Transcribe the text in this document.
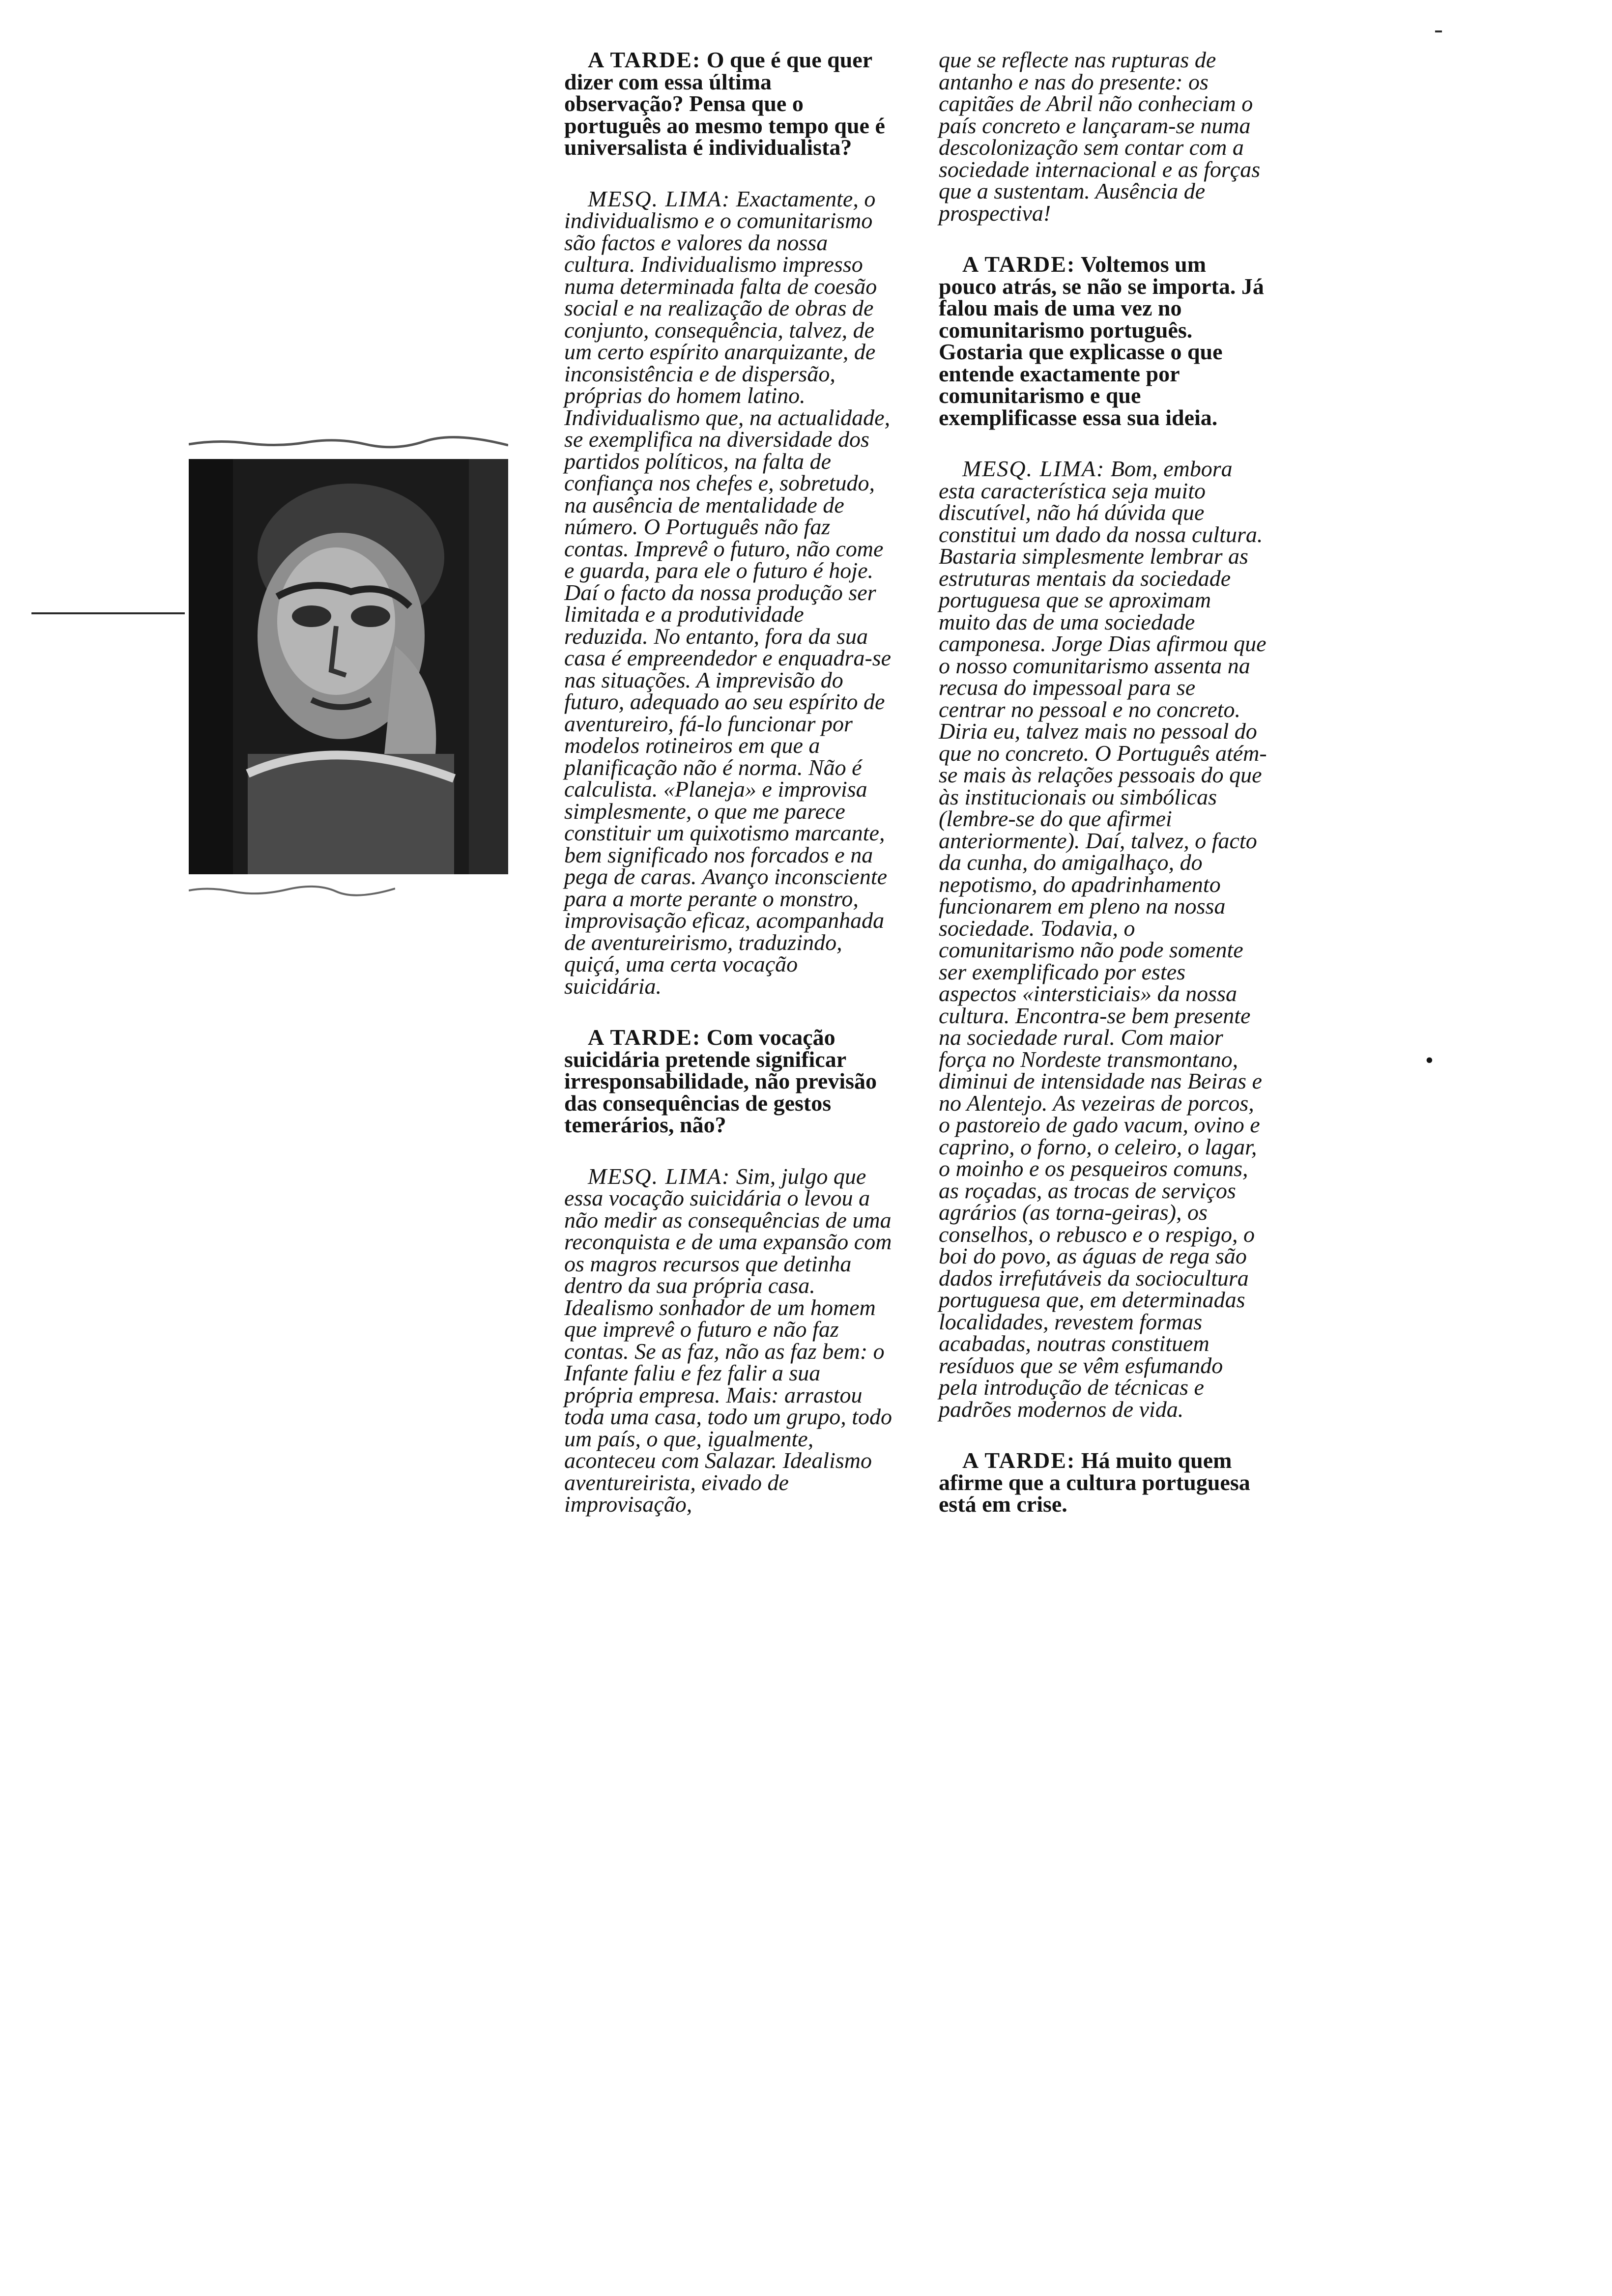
•

A TARDE: O que é que quer dizer com essa última observação? Pensa que o português ao mesmo tempo que é universalista é individualista?

MESQ. LIMA: Exactamente, o individualismo e o comunitarismo são factos e valores da nossa cultura. Individualismo impresso numa determinada falta de coesão social e na realização de obras de conjunto, consequência, talvez, de um certo espírito anarquizante, de inconsistência e de dispersão, próprias do homem latino. Individualismo que, na actualidade, se exemplifica na diversidade dos partidos políticos, na falta de confiança nos chefes e, sobretudo, na ausência de mentalidade de número. O Português não faz contas. Imprevê o futuro, não come e guarda, para ele o futuro é hoje. Daí o facto da nossa produção ser limitada e a produtividade reduzida. No entanto, fora da sua casa é empreendedor e enquadra-se nas situações. A imprevisão do futuro, adequado ao seu espírito de aventureiro, fá-lo funcionar por modelos rotineiros em que a planificação não é norma. Não é calculista. «Planeja» e improvisa simplesmente, o que me parece constituir um quixotismo marcante, bem significado nos forcados e na pega de caras. Avanço inconsciente para a morte perante o monstro, improvisação eficaz, acompanhada de aventureirismo, traduzindo, quiçá, uma certa vocação suicidária.

A TARDE: Com vocação suicidária pretende significar irresponsabilidade, não previsão das consequências de gestos temerários, não?

MESQ. LIMA: Sim, julgo que essa vocação suicidária o levou a não medir as consequências de uma reconquista e de uma expansão com os magros recursos que detinha dentro da sua própria casa. Idealismo sonhador de um homem que imprevê o futuro e não faz contas. Se as faz, não as faz bem: o Infante faliu e fez falir a sua própria empresa. Mais: arrastou toda uma casa, todo um grupo, todo um país, o que, igualmente, aconteceu com Salazar. Idealismo aventureirista, eivado de improvisação,

que se reflecte nas rupturas de antanho e nas do presente: os capitães de Abril não conheciam o país concreto e lançaram-se numa descolonização sem contar com a sociedade internacional e as forças que a sustentam. Ausência de prospectiva!

A TARDE: Voltemos um pouco atrás, se não se importa. Já falou mais de uma vez no comunitarismo português. Gostaria que explicasse o que entende exactamente por comunitarismo e que exemplificasse essa sua ideia.

MESQ. LIMA: Bom, embora esta característica seja muito discutível, não há dúvida que constitui um dado da nossa cultura. Bastaria simplesmente lembrar as estruturas mentais da sociedade portuguesa que se aproximam muito das de uma sociedade camponesa. Jorge Dias afirmou que o nosso comunitarismo assenta na recusa do impessoal para se centrar no pessoal e no concreto. Diria eu, talvez mais no pessoal do que no concreto. O Português atém-se mais às relações pessoais do que às institucionais ou simbólicas (lembre-se do que afirmei anteriormente). Daí, talvez, o facto da cunha, do amigalhaço, do nepotismo, do apadrinhamento funcionarem em pleno na nossa sociedade. Todavia, o comunitarismo não pode somente ser exemplificado por estes aspectos «intersticiais» da nossa cultura. Encontra-se bem presente na sociedade rural. Com maior força no Nordeste transmontano, diminui de intensidade nas Beiras e no Alentejo. As vezeiras de porcos, o pastoreio de gado vacum, ovino e caprino, o forno, o celeiro, o lagar, o moinho e os pesqueiros comuns, as roçadas, as trocas de serviços agrários (as torna-geiras), os conselhos, o rebusco e o respigo, o boi do povo, as águas de rega são dados irrefutáveis da sociocultura portuguesa que, em determinadas localidades, revestem formas acabadas, noutras constituem resíduos que se vêm esfumando pela introdução de técnicas e padrões modernos de vida.

A TARDE: Há muito quem afirme que a cultura portuguesa está em crise.
